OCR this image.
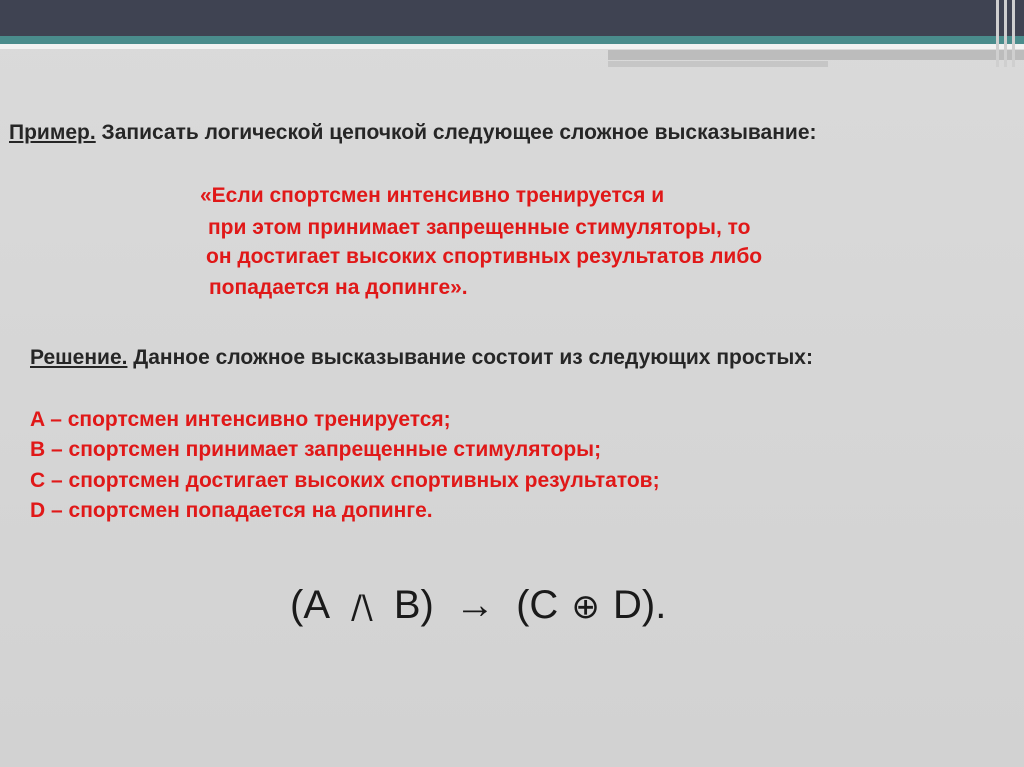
Пример. Записать логической цепочкой следующее сложное высказывание:
«Если спортсмен интенсивно тренируется и
при этом принимает запрещенные стимуляторы, то
он достигает высоких спортивных результатов либо
попадается на допинге».
Решение. Данное сложное высказывание состоит из следующих простых:
A – спортсмен интенсивно тренируется;
B – спортсмен принимает запрещенные стимуляторы;
C – спортсмен достигает высоких спортивных результатов;
D – спортсмен попадается на допинге.
(A /\ B) → (C ⊕ D).
